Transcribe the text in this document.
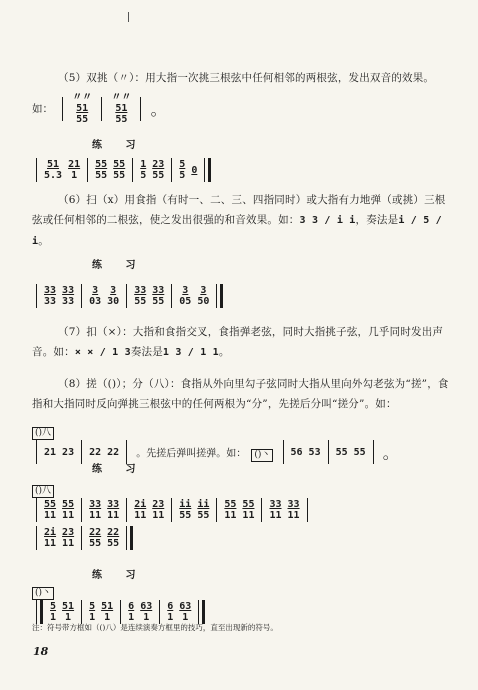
（5）双挑（〃）：用大指一次挑三根弦中任何相邻的两根弦，发出双音的效果。
如：
〃〃
51
55

〃〃
51
55
。
练 习
$\frac{51}{5.3} \frac{21}{1} \frac{55}{55} \frac{55}{55} \frac{1}{5} \frac{23}{55} \frac{5}{5} 0$
（6）扫（ⅹ）用食指（有时一、二、三、四指同时）或大指有力地弹（或挑）三根弦或任何相邻的二根弦，使之发出很强的和音效果。如：3 3 / i i，奏法是i / 5 / i。
练 习
$\frac{33}{33} \frac{33}{33} \frac{3}{03} \frac{3}{30} \frac{33}{55} \frac{33}{55} \frac{3}{05} \frac{3}{50}$
（7）扣（×）：大指和食指交叉，食指弹老弦，同时大指挑子弦，几乎同时发出声音。如：× × / 1 3奏法是1 3 / 1 1。
（8）搓（()）；分（八）：食指从外向里勾子弦同时大指从里向外勾老弦为“搓”，食指和大指同时反向弹挑三根弦中的任何两根为“分”，先搓后分叫“搓分”。如：
()八

21 23 22 22 。先搓后弹叫搓弹。如： ()丶 56 53 55 55 。
练 习
()八

$\frac{55}{11} \frac{55}{11} \frac{33}{11} \frac{33}{11} \frac{2i}{11} \frac{23}{11} \frac{ii}{55} \frac{ii}{55} \frac{55}{11} \frac{55}{11} \frac{33}{11} \frac{33}{11}$
$\frac{2i}{11} \frac{23}{11} \frac{22}{55} \frac{22}{55}$
练 习
()丶

$\frac{5}{1} \frac{51}{1} \frac{5}{1} \frac{51}{1} \frac{6}{1} \frac{63}{1} \frac{6}{1} \frac{63}{1}$
注：符号带方框如（()八）是连续演奏方框里的技巧，直至出现新的符号。
18
